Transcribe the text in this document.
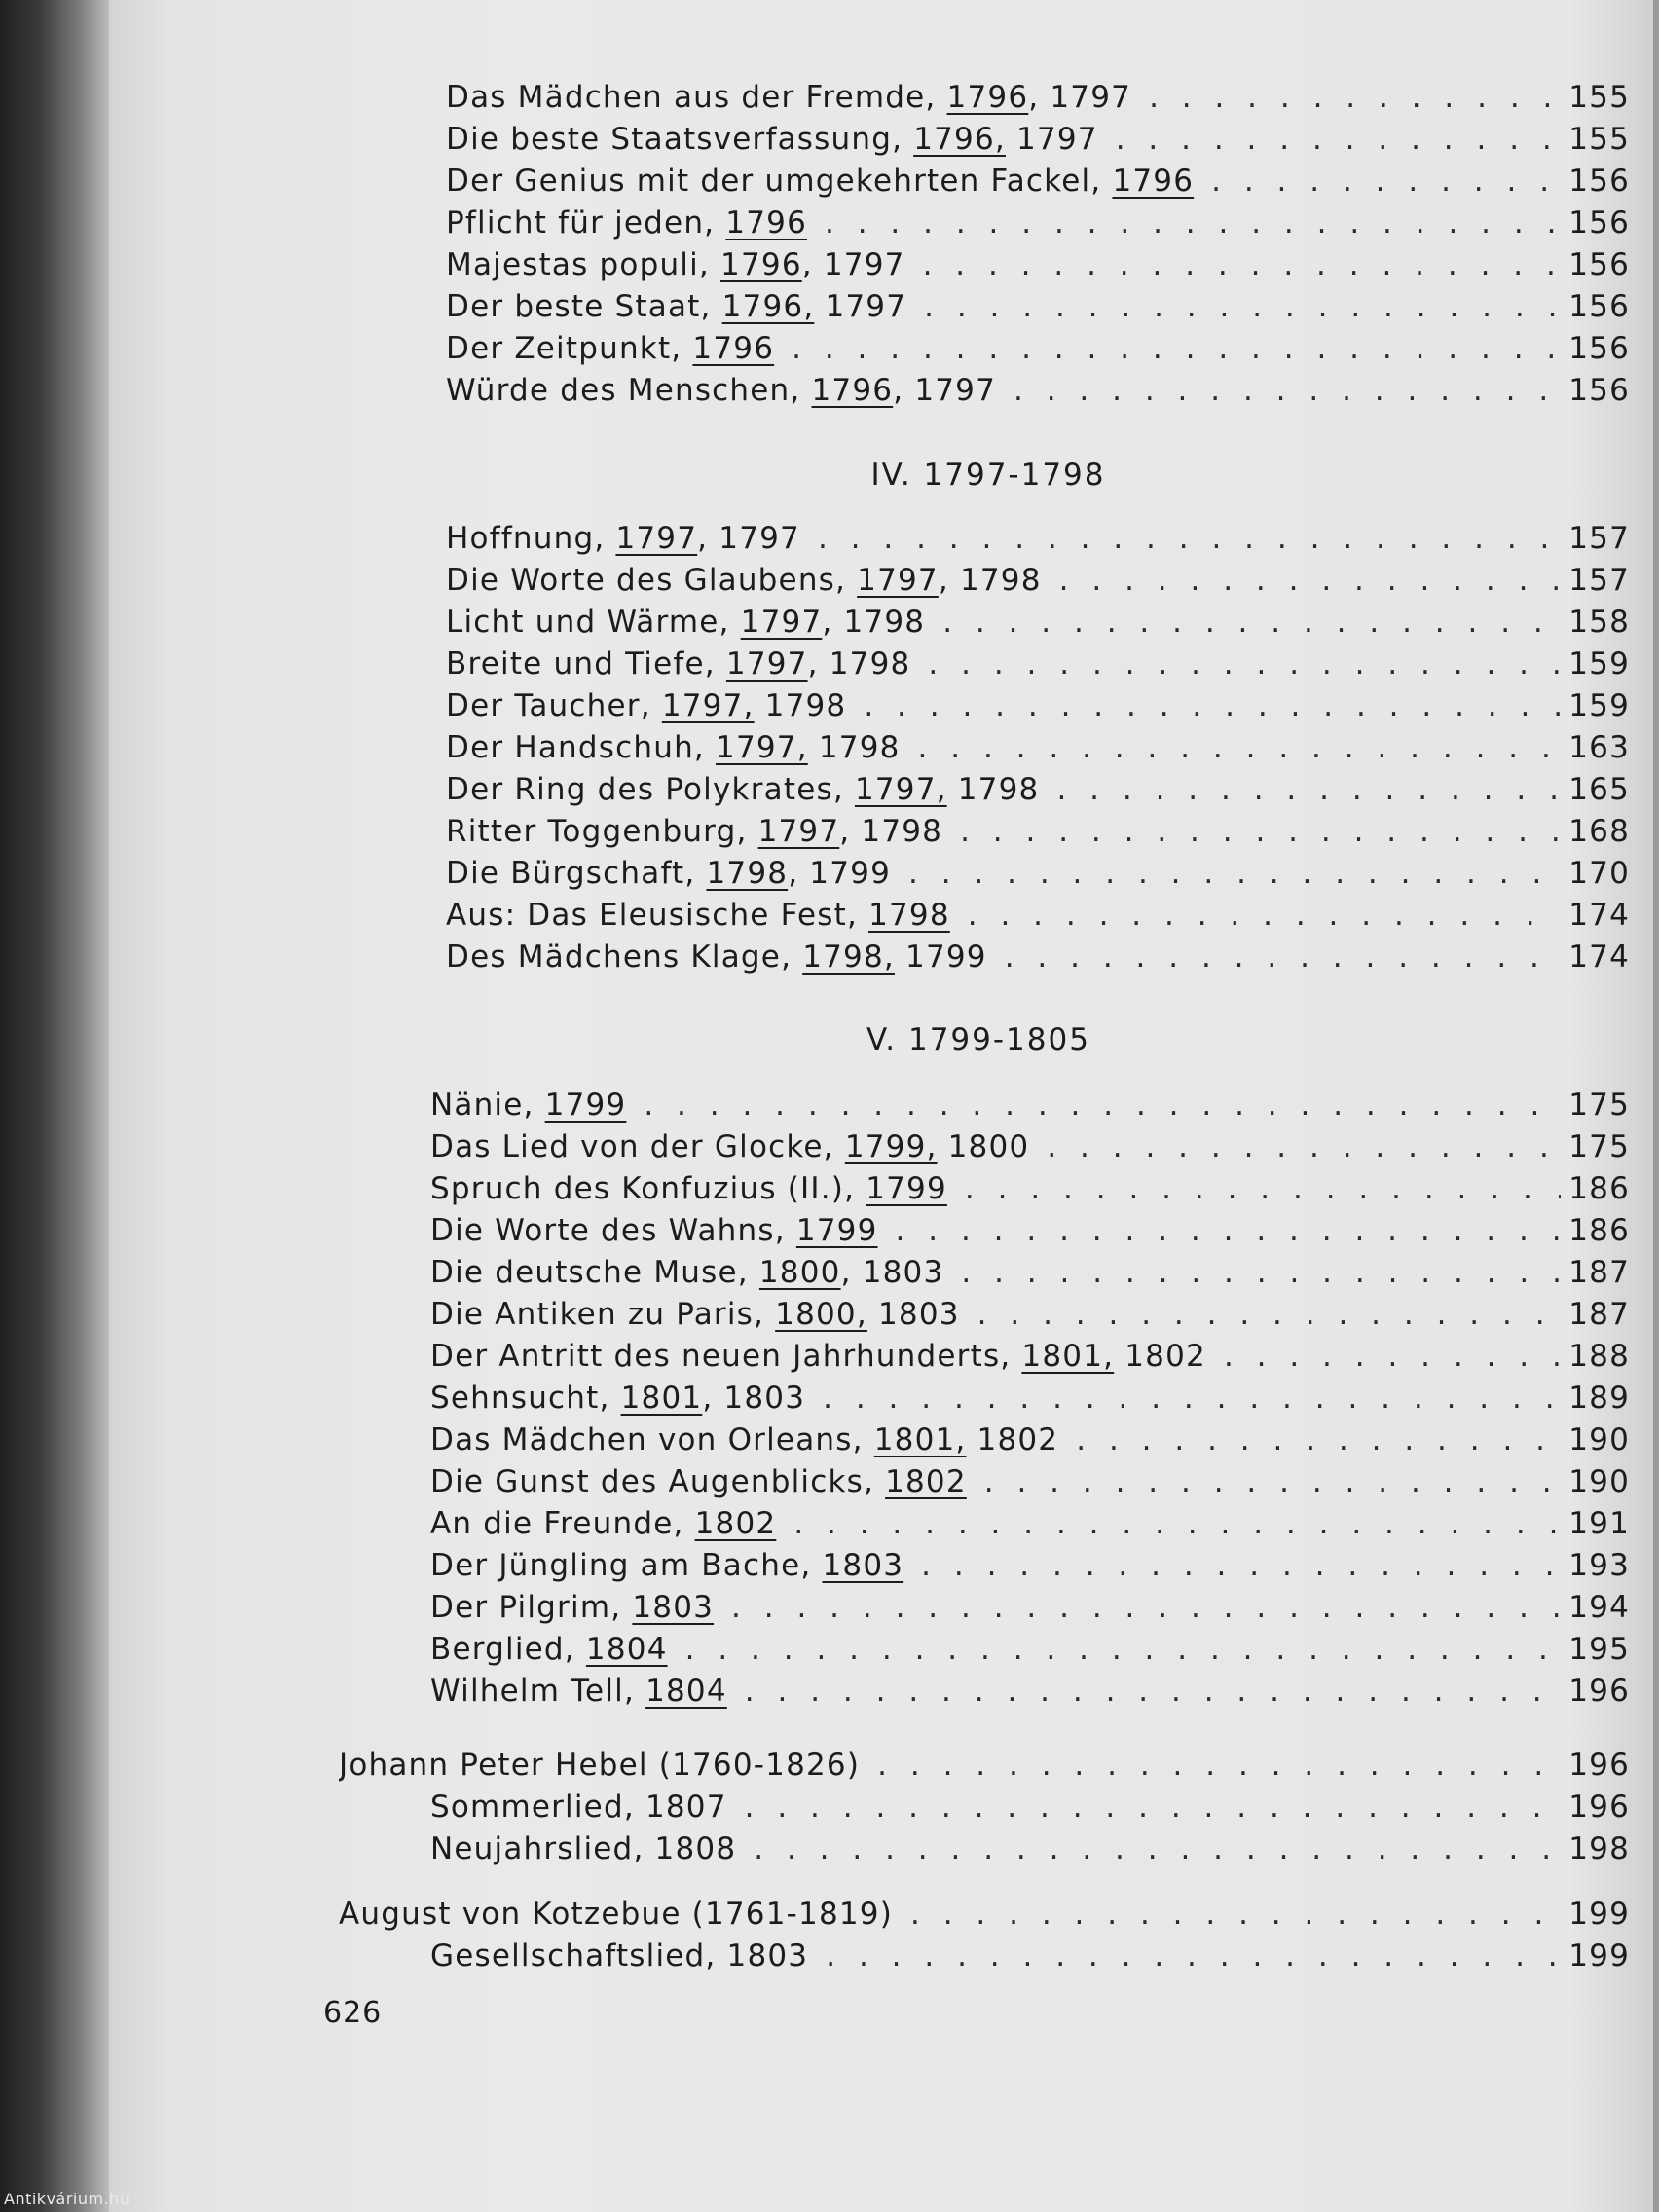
Das Mädchen aus der Fremde, 1796, 1797 . . .	155
Die beste Staatsverfassung, 1796, 1797 . . .	155
Der Genius mit der umgekehrten Fackel, 1796 . . .	156
Pflicht für jeden, 1796 . . .	156
Majestas populi, 1796, 1797 . . .	156
Der beste Staat, 1796, 1797 . . .	156
Der Zeitpunkt, 1796 . . .	156
Würde des Menschen, 1796, 1797 . . .	156
IV. 1797-1798
Hoffnung, 1797, 1797 . . .	157
Die Worte des Glaubens, 1797, 1798 . . .	157
Licht und Wärme, 1797, 1798 . . .	158
Breite und Tiefe, 1797, 1798 . . .	159
Der Taucher, 1797, 1798 . . .	159
Der Handschuh, 1797, 1798 . . .	163
Der Ring des Polykrates, 1797, 1798 . . .	165
Ritter Toggenburg, 1797, 1798 . . .	168
Die Bürgschaft, 1798, 1799 . . .	170
Aus: Das Eleusische Fest, 1798 . . .	174
Des Mädchens Klage, 1798, 1799 . . .	174
V. 1799-1805
Nänie, 1799 . . .	175
Das Lied von der Glocke, 1799, 1800 . . .	175
Spruch des Konfuzius (II.), 1799 . . .	186
Die Worte des Wahns, 1799 . . .	186
Die deutsche Muse, 1800, 1803 . . .	187
Die Antiken zu Paris, 1800, 1803 . . .	187
Der Antritt des neuen Jahrhunderts, 1801, 1802 . . .	188
Sehnsucht, 1801, 1803 . . .	189
Das Mädchen von Orleans, 1801, 1802 . . .	190
Die Gunst des Augenblicks, 1802 . . .	190
An die Freunde, 1802 . . .	191
Der Jüngling am Bache, 1803 . . .	193
Der Pilgrim, 1803 . . .	194
Berglied, 1804 . . .	195
Wilhelm Tell, 1804 . . .	196
Johann Peter Hebel (1760-1826) . . .	196
Sommerlied, 1807 . . .	196
Neujahrslied, 1808 . . .	198
August von Kotzebue (1761-1819) . . .	199
Gesellschaftslied, 1803 . . .	199
626
Antikvárium.hu
